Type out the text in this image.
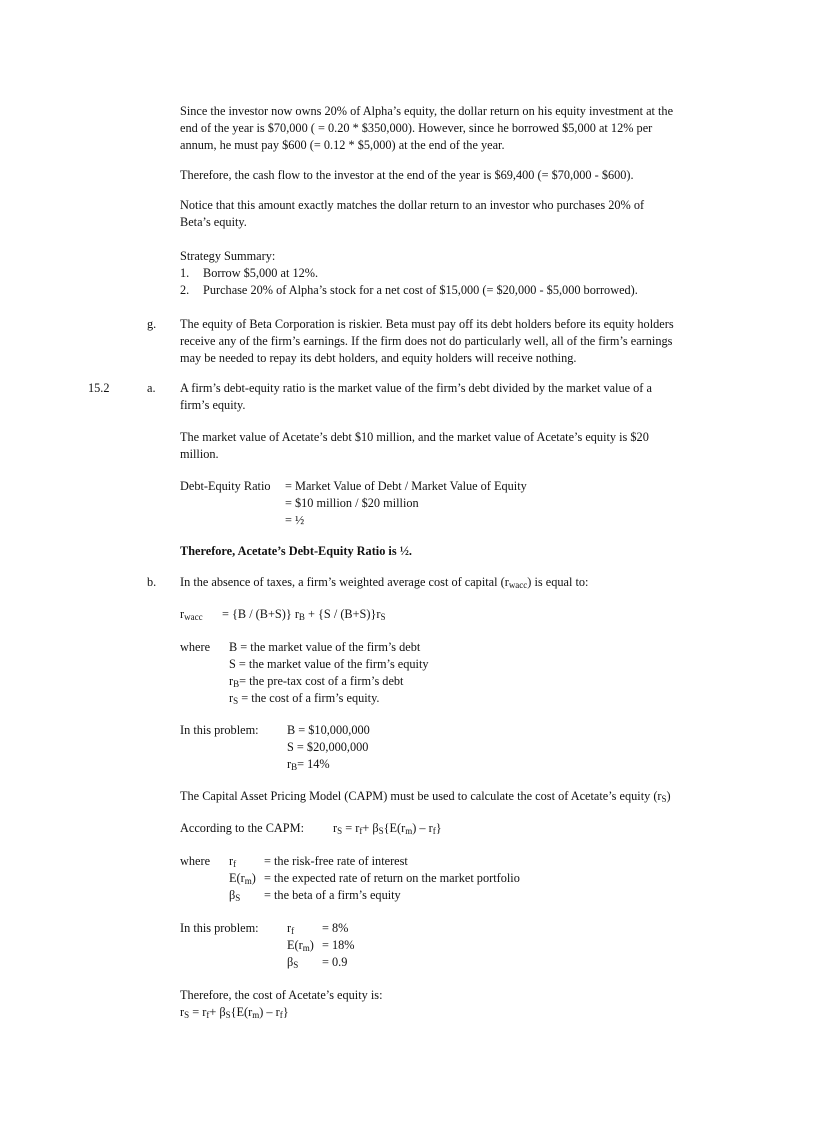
Since the investor now owns 20% of Alpha’s equity, the dollar return on his equity investment at the
end of the year is $70,000 ( = 0.20 * $350,000). However, since he borrowed $5,000 at 12% per
annum, he must pay $600 (= 0.12 * $5,000) at the end of the year.
Therefore, the cash flow to the investor at the end of the year is $69,400 (= $70,000 - $600).
Notice that this amount exactly matches the dollar return to an investor who purchases 20% of
Beta’s equity.
Strategy Summary:
1. Borrow $5,000 at 12%.
2. Purchase 20% of Alpha’s stock for a net cost of $15,000 (= $20,000 - $5,000 borrowed).
g. The equity of Beta Corporation is riskier. Beta must pay off its debt holders before its equity holders
receive any of the firm’s earnings. If the firm does not do particularly well, all of the firm’s earnings
may be needed to repay its debt holders, and equity holders will receive nothing.
15.2	a. A firm’s debt-equity ratio is the market value of the firm’s debt divided by the market value of a
firm’s equity.
The market value of Acetate’s debt $10 million, and the market value of Acetate’s equity is $20
million.
Debt-Equity Ratio = Market Value of Debt / Market Value of Equity
= $10 million / $20 million
= ½
Therefore, Acetate’s Debt-Equity Ratio is ½.
b. In the absence of taxes, a firm’s weighted average cost of capital $(r_{wacc})$ is equal to:
$r_{wacc} = \{B / (B+S)\} r_B + \{S / (B+S)\}r_S$
where B = the market value of the firm’s debt
S = the market value of the firm’s equity
$r_B=$ the pre-tax cost of a firm’s debt
$r_S$ = the cost of a firm’s equity.
In this problem: B = $10,000,000
S = $20,000,000
$r_B= 14\%$
The Capital Asset Pricing Model (CAPM) must be used to calculate the cost of Acetate’s equity $(r_S)$
According to the CAPM: $r_S = r_f+ \beta_S\{E(r_m) - r_f\}$
where $r_f$ = the risk-free rate of interest
$E(r_m)$ = the expected rate of return on the market portfolio
$\beta_S$ = the beta of a firm’s equity
In this problem: $r_f = 8\%$
$E(r_m) = 18\%$
$\beta_S = 0.9$
Therefore, the cost of Acetate’s equity is:
$r_S = r_f+ \beta_S\{E(r_m) - r_f\}$
